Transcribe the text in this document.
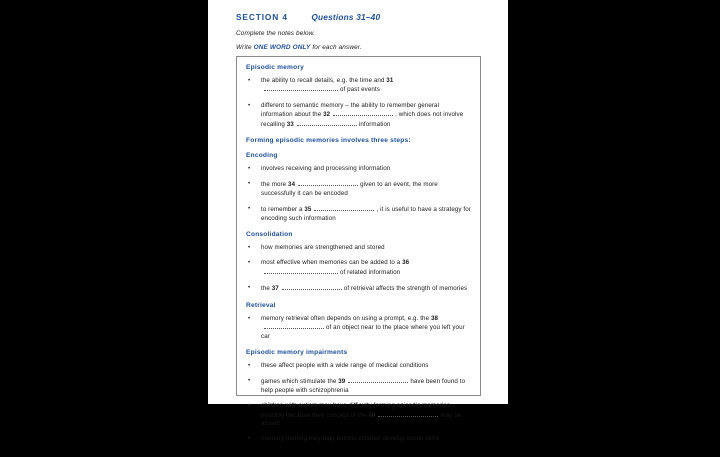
SECTION 4	Questions 31–40
Complete the notes below.
Write ONE WORD ONLY for each answer.
Episodic memory
•	the ability to recall details, e.g. the time and 31of past events
•	different to semantic memory – the ability to remember general information about the 32	, which does not involve recalling 33	information
Forming episodic memories involves three steps:
Encoding
•	involves receiving and processing information
•	the more 34	given to an event, the more successfully it can be encoded
•	to remember a 35	, it is useful to have a strategy for encoding such information
Consolidation
•	how memories are strengthened and stored
•	most effective when memories can be added to a 36of related information
•	the 37	of retrieval affects the strength of memories
Retrieval
•	memory retrieval often depends on using a prompt, e.g. the 38of an object near to the place where you left your car
Episodic memory impairments
•	these affect people with a wide range of medical conditions
•	games which stimulate the 39	have been found to help people with schizophrenia
•	children with autism may have difficulty forming episodic memories – possibly because their concept of the 40	may be absent
•	memory training may help autistic children develop social skills
